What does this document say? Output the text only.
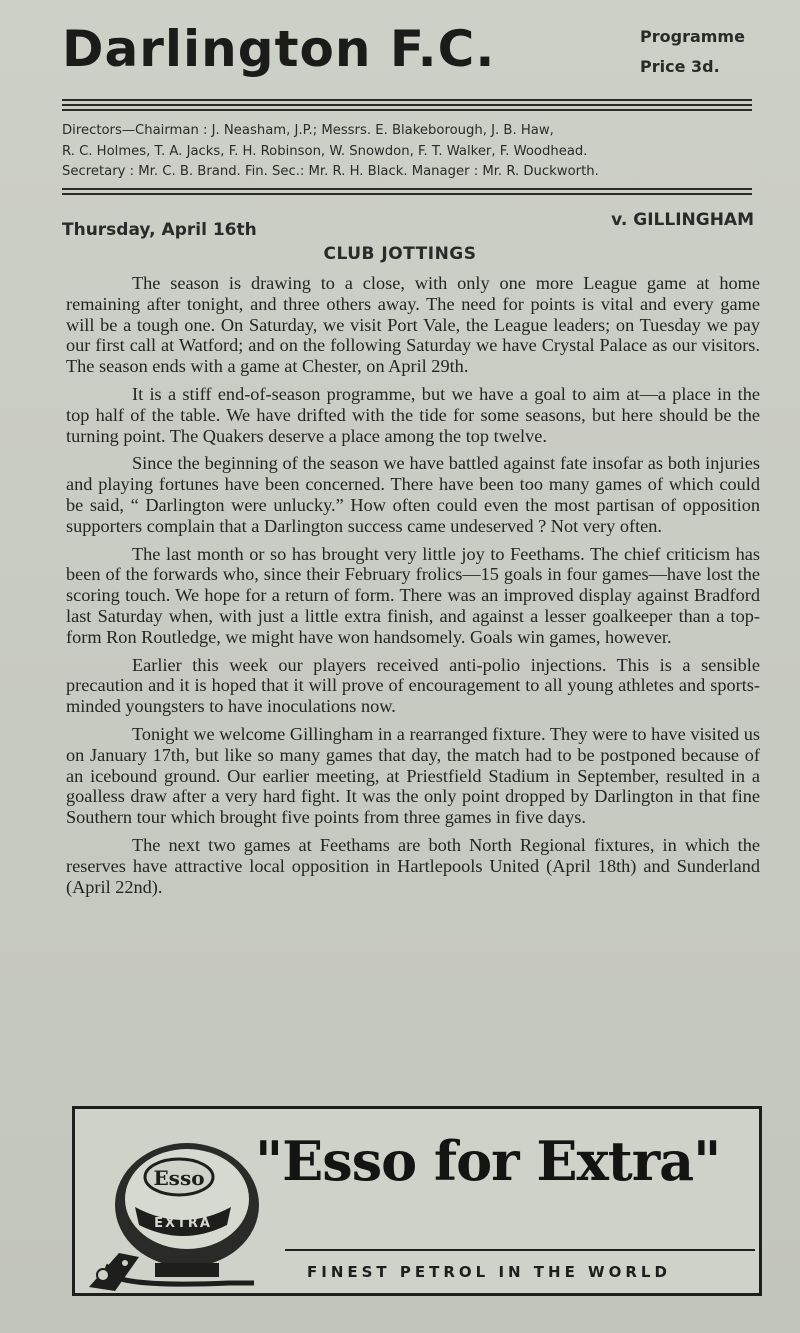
Darlington F.C.	Programme
Price 3d.
Directors—Chairman : J. Neasham, J.P.; Messrs. E. Blakeborough, J. B. Haw,
R. C. Holmes, T. A. Jacks, F. H. Robinson, W. Snowdon, F. T. Walker, F. Woodhead.
Secretary : Mr. C. B. Brand. Fin. Sec.: Mr. R. H. Black. Manager : Mr. R. Duckworth.
Thursday, April 16th	v. GILLINGHAM
CLUB JOTTINGS

The season is drawing to a close, with only one more League game at home remaining after tonight, and three others away. The need for points is vital and every game will be a tough one. On Saturday, we visit Port Vale, the League leaders; on Tuesday we pay our first call at Watford; and on the following Saturday we have Crystal Palace as our visitors. The season ends with a game at Chester, on April 29th.

It is a stiff end-of-season programme, but we have a goal to aim at—a place in the top half of the table. We have drifted with the tide for some seasons, but here should be the turning point. The Quakers deserve a place among the top twelve.

Since the beginning of the season we have battled against fate insofar as both injuries and playing fortunes have been concerned. There have been too many games of which could be said, “ Darlington were unlucky.” How often could even the most partisan of opposition supporters complain that a Darlington success came undeserved ? Not very often.

The last month or so has brought very little joy to Feethams. The chief criticism has been of the forwards who, since their February frolics—15 goals in four games—have lost the scoring touch. We hope for a return of form. There was an improved display against Bradford last Saturday when, with just a little extra finish, and against a lesser goalkeeper than a top-form Ron Routledge, we might have won handsomely. Goals win games, however.

Earlier this week our players received anti-polio injections. This is a sensible precaution and it is hoped that it will prove of encouragement to all young athletes and sports-minded youngsters to have inoculations now.

Tonight we welcome Gillingham in a rearranged fixture. They were to have visited us on January 17th, but like so many games that day, the match had to be postponed because of an icebound ground. Our earlier meeting, at Priestfield Stadium in September, resulted in a goalless draw after a very hard fight. It was the only point dropped by Darlington in that fine Southern tour which brought five points from three games in five days.

The next two games at Feethams are both North Regional fixtures, in which the reserves have attractive local opposition in Hartlepools United (April 18th) and Sunderland (April 22nd).

Esso
EXTRA
"Esso for Extra"
FINEST PETROL IN THE WORLD
